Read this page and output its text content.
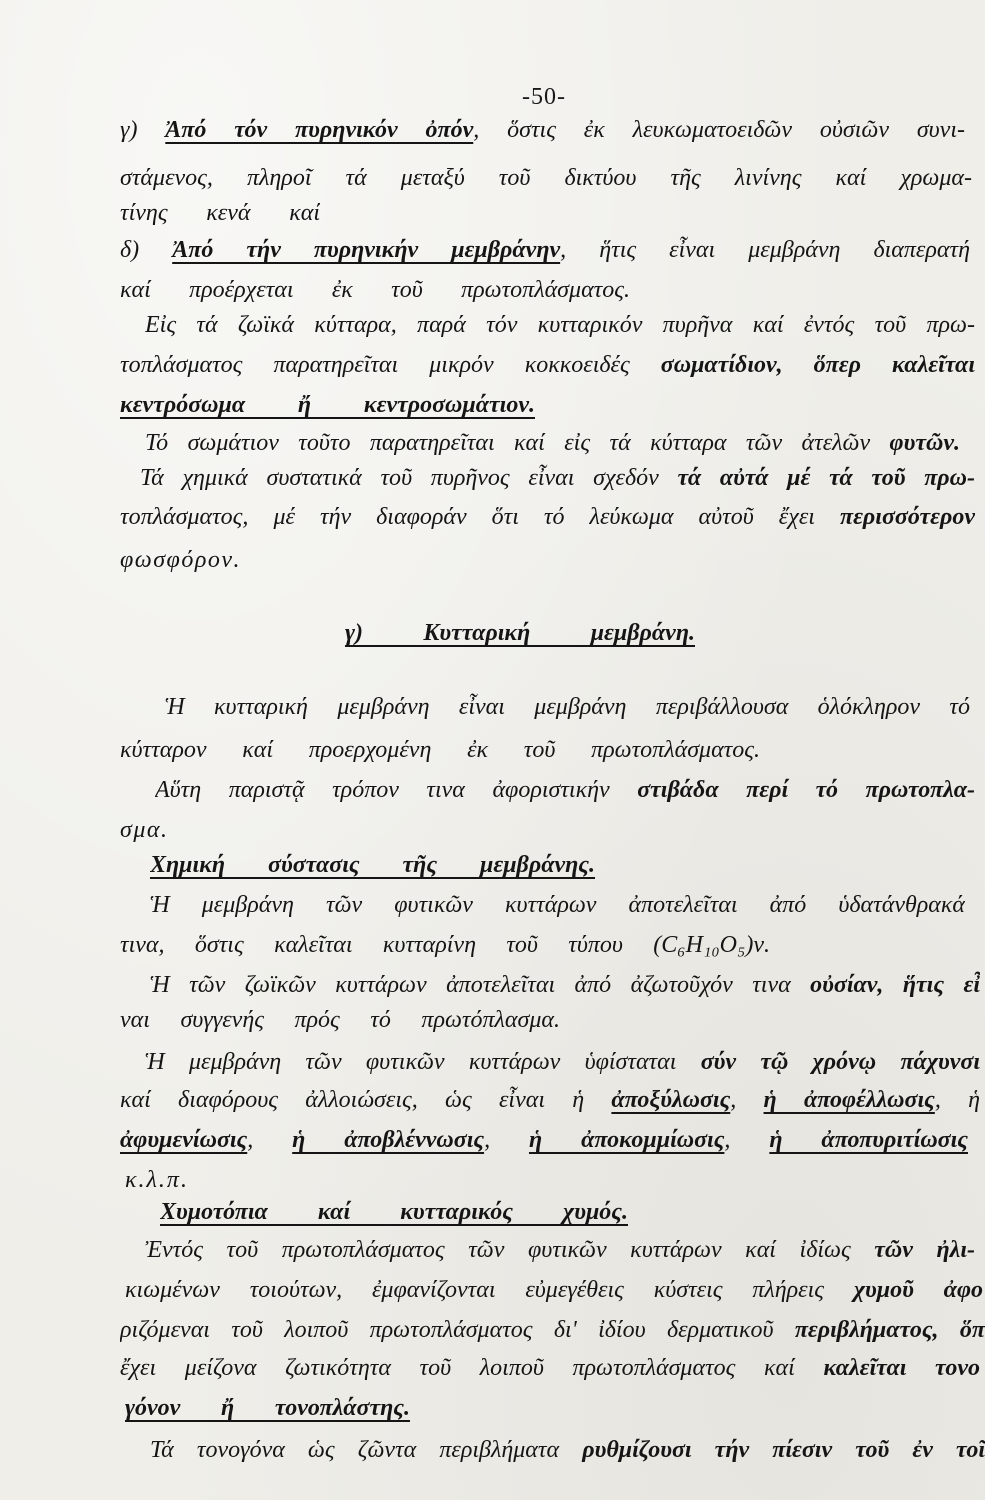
-50-
γ) Ἀπό τόν πυρηνικόν ὀπόν, ὅστις ἐκ λευκωματοειδῶν οὐσιῶν συνι-
στάμενος, πληροῖ τά μεταξύ τοῦ δικτύου τῆς λινίνης καί χρωμα-
τίνης κενά καί
δ) Ἀπό τήν πυρηνικήν μεμβράνην, ἥτις εἶναι μεμβράνη διαπερατή
καί προέρχεται ἐκ τοῦ πρωτοπλάσματος.
Εἰς τά ζωϊκά κύτταρα, παρά τόν κυτταρικόν πυρῆνα καί ἐντός τοῦ πρω-
τοπλάσματος παρατηρεῖται μικρόν κοκκοειδές σωματίδιον, ὅπερ καλεῖται
κεντρόσωμα ἤ κεντροσωμάτιον.
Τό σωμάτιον τοῦτο παρατηρεῖται καί εἰς τά κύτταρα τῶν ἀτελῶν φυτῶν.
Τά χημικά συστατικά τοῦ πυρῆνος εἶναι σχεδόν τά αὐτά μέ τά τοῦ πρω-
τοπλάσματος, μέ τήν διαφοράν ὅτι τό λεύκωμα αὐτοῦ ἔχει περισσότερον
φωσφόρον.
γ) Κυτταρική μεμβράνη.
Ἡ κυτταρική μεμβράνη εἶναι μεμβράνη περιβάλλουσα ὁλόκληρον τό
κύτταρον καί προερχομένη ἐκ τοῦ πρωτοπλάσματος.
Αὕτη παριστᾷ τρόπον τινα ἀφοριστικήν στιβάδα περί τό πρωτοπλα-
σμα.
Χημική σύστασις τῆς μεμβράνης.
Ἡ μεμβράνη τῶν φυτικῶν κυττάρων ἀποτελεῖται ἀπό ὑδατάνθρακά
τινα, ὅστις καλεῖται κυτταρίνη τοῦ τύπου (C₆H₁₀O₅)ν.
Ἡ τῶν ζωϊκῶν κυττάρων ἀποτελεῖται ἀπό ἀζωτοῦχόν τινα οὐσίαν, ἥτις εἶ
ναι συγγενής πρός τό πρωτόπλασμα.
Ἡ μεμβράνη τῶν φυτικῶν κυττάρων ὑφίσταται σύν τῷ χρόνῳ πάχυνσι
καί διαφόρους ἀλλοιώσεις, ὡς εἶναι ἡ ἀποξύλωσις, ἡ ἀποφέλλωσις, ἡ
ἀφυμενίωσις, ἡ ἀποβλέννωσις, ἡ ἀποκομμίωσις, ἡ ἀποπυριτίωσις
κ.λ.π.
Χυμοτόπια καί κυτταρικός χυμός.
Ἐντός τοῦ πρωτοπλάσματος τῶν φυτικῶν κυττάρων καί ἰδίως τῶν ἠλι-
κιωμένων τοιούτων, ἐμφανίζονται εὐμεγέθεις κύστεις πλήρεις χυμοῦ ἀφο
ριζόμεναι τοῦ λοιποῦ πρωτοπλάσματος δι' ἰδίου δερματικοῦ περιβλήματος, ὅπ
ἔχει μείζονα ζωτικότητα τοῦ λοιποῦ πρωτοπλάσματος καί καλεῖται τονο
γόνον ἤ τονοπλάστης.
Τά τονογόνα ὡς ζῶντα περιβλήματα ρυθμίζουσι τήν πίεσιν τοῦ ἐν τοῖ
